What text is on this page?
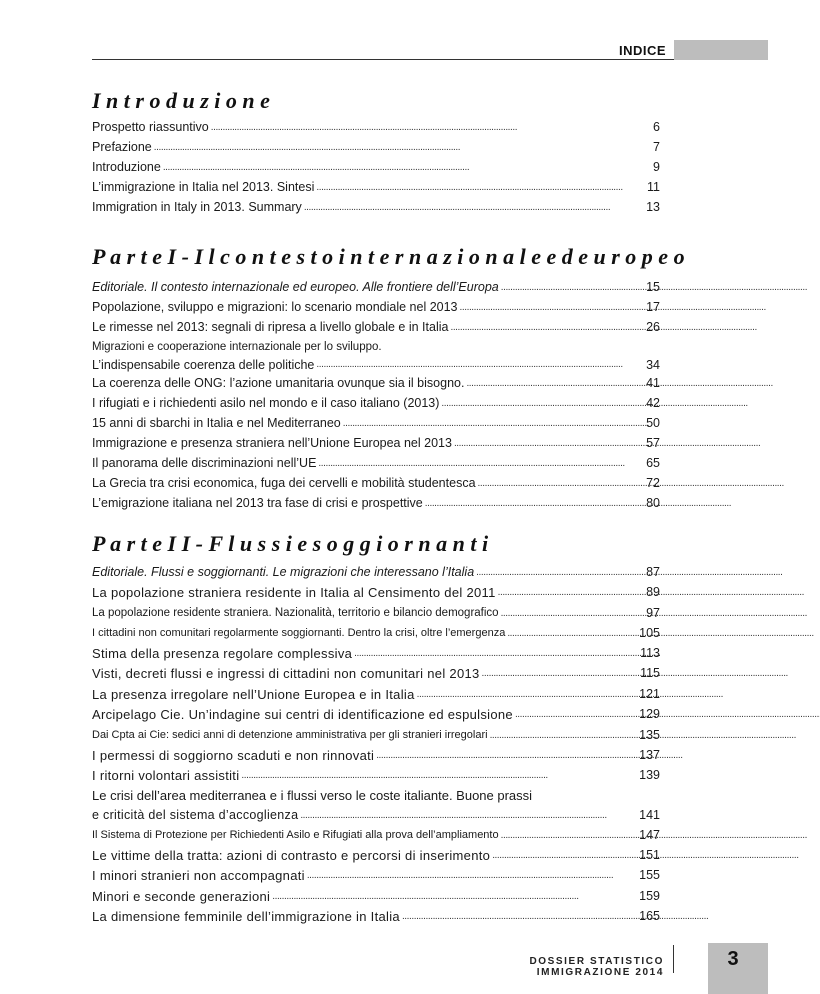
INDICE
I n t r o d u z i o n e
Prospetto riassuntivo . . .	6
Prefazione . . .	7
Introduzione . . .	9
L’immigrazione in Italia nel 2013. Sintesi . . .	11
Immigration in Italy in 2013. Summary . . .	13
P a r t e I - I l c o n t e s t o i n t e r n a z i o n a l e e d e u r o p e o
Editoriale. Il contesto internazionale ed europeo. Alle frontiere dell’Europa . . .	15
Popolazione, sviluppo e migrazioni: lo scenario mondiale nel 2013 . . .	17
Le rimesse nel 2013: segnali di ripresa a livello globale e in Italia . . .	26
Migrazioni e cooperazione internazionale per lo sviluppo.
L’indispensabile coerenza delle politiche . . .	34
La coerenza delle ONG: l’azione umanitaria ovunque sia il bisogno. . . .	41
I rifugiati e i richiedenti asilo nel mondo e il caso italiano (2013) . . .	42
15 anni di sbarchi in Italia e nel Mediterraneo . . .	50
Immigrazione e presenza straniera nell’Unione Europea nel 2013 . . .	57
Il panorama delle discriminazioni nell’UE . . .	65
La Grecia tra crisi economica, fuga dei cervelli e mobilità studentesca . . .	72
L’emigrazione italiana nel 2013 tra fase di crisi e prospettive . . .	80
P a r t e I I - F l u s s i e s o g g i o r n a n t i
Editoriale. Flussi e soggiornanti. Le migrazioni che interessano l’Italia . . .	87
La popolazione straniera residente in Italia al Censimento del 2011 . . .	89
La popolazione residente straniera. Nazionalità, territorio e bilancio demografico . . .	97
I cittadini non comunitari regolarmente soggiornanti. Dentro la crisi, oltre l’emergenza . . .	105
Stima della presenza regolare complessiva . . .	113
Visti, decreti flussi e ingressi di cittadini non comunitari nel 2013 . . .	115
La presenza irregolare nell’Unione Europea e in Italia . . .	121
Arcipelago Cie. Un’indagine sui centri di identificazione ed espulsione . . .	129
Dai Cpta ai Cie: sedici anni di detenzione amministrativa per gli stranieri irregolari . . .	135
I permessi di soggiorno scaduti e non rinnovati . . .	137
I ritorni volontari assistiti . . .	139
Le crisi dell’area mediterranea e i flussi verso le coste italiante. Buone prassi
e criticità del sistema d’accoglienza . . .	141
Il Sistema di Protezione per Richiedenti Asilo e Rifugiati alla prova dell’ampliamento . . .	147
Le vittime della tratta: azioni di contrasto e percorsi di inserimento . . .	151
I minori stranieri non accompagnati . . .	155
Minori e seconde generazioni . . .	159
La dimensione femminile dell’immigrazione in Italia . . .	165
DOSSIER STATISTICO IMMIGRAZIONE 2014
3
